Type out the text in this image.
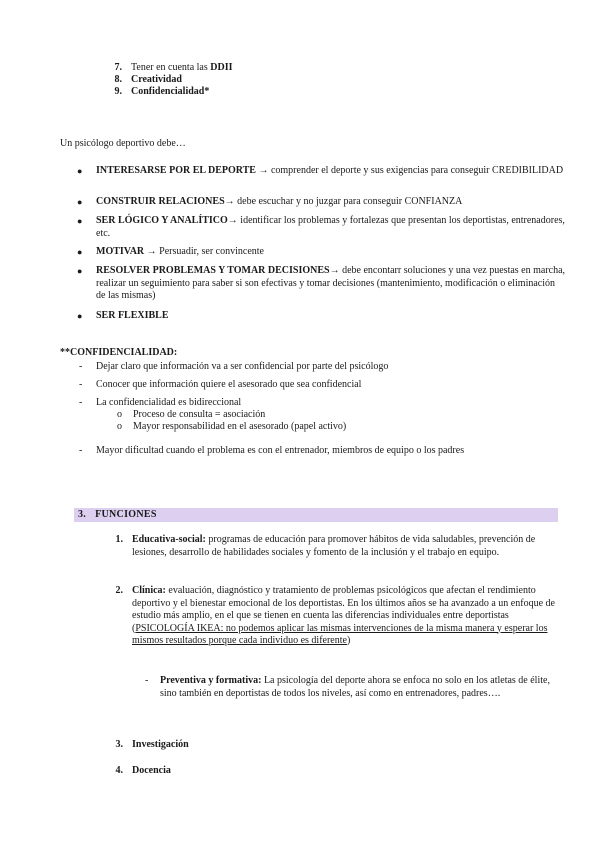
7. Tener en cuenta las DDII
8. Creatividad
9. Confidencialidad*
Un psicólogo deportivo debe…
● INTERESARSE POR EL DEPORTE → comprender el deporte y sus exigencias para conseguir CREDIBILIDAD
● CONSTRUIR RELACIONES→ debe escuchar y no juzgar para conseguir CONFIANZA
● SER LÓGICO Y ANALÍTICO→ identificar los problemas y fortalezas que presentan los deportistas, entrenadores, etc.
● MOTIVAR → Persuadir, ser convincente
● RESOLVER PROBLEMAS Y TOMAR DECISIONES→ debe encontarr soluciones y una vez puestas en marcha, realizar un seguimiento para saber si son efectivas y tomar decisiones (mantenimiento, modificación o eliminación de las mismas)
● SER FLEXIBLE
**CONFIDENCIALIDAD:
- Dejar claro que información va a ser confidencial por parte del psicólogo
- Conocer que información quiere el asesorado que sea confidencial
- La confidencialidad es bidireccional
o Proceso de consulta = asociación
o Mayor responsabilidad en el asesorado (papel activo)
- Mayor dificultad cuando el problema es con el entrenador, miembros de equipo o los padres
3. FUNCIONES
1. Educativa-social: programas de educación para promover hábitos de vida saludables, prevención de lesiones, desarrollo de habilidades sociales y fomento de la inclusión y el trabajo en equipo.
2. Clínica: evaluación, diagnóstico y tratamiento de problemas psicológicos que afectan el rendimiento deportivo y el bienestar emocional de los deportistas. En los últimos años se ha avanzado a un enfoque de estudio más amplio, en el que se tienen en cuenta las diferencias individuales entre deportistas (PSICOLOGÍA IKEA: no podemos aplicar las mismas intervenciones de la misma manera y esperar los mismos resultados porque cada individuo es diferente)
- Preventiva y formativa: La psicología del deporte ahora se enfoca no solo en los atletas de élite, sino también en deportistas de todos los niveles, así como en entrenadores, padres….
3. Investigación
4. Docencia
